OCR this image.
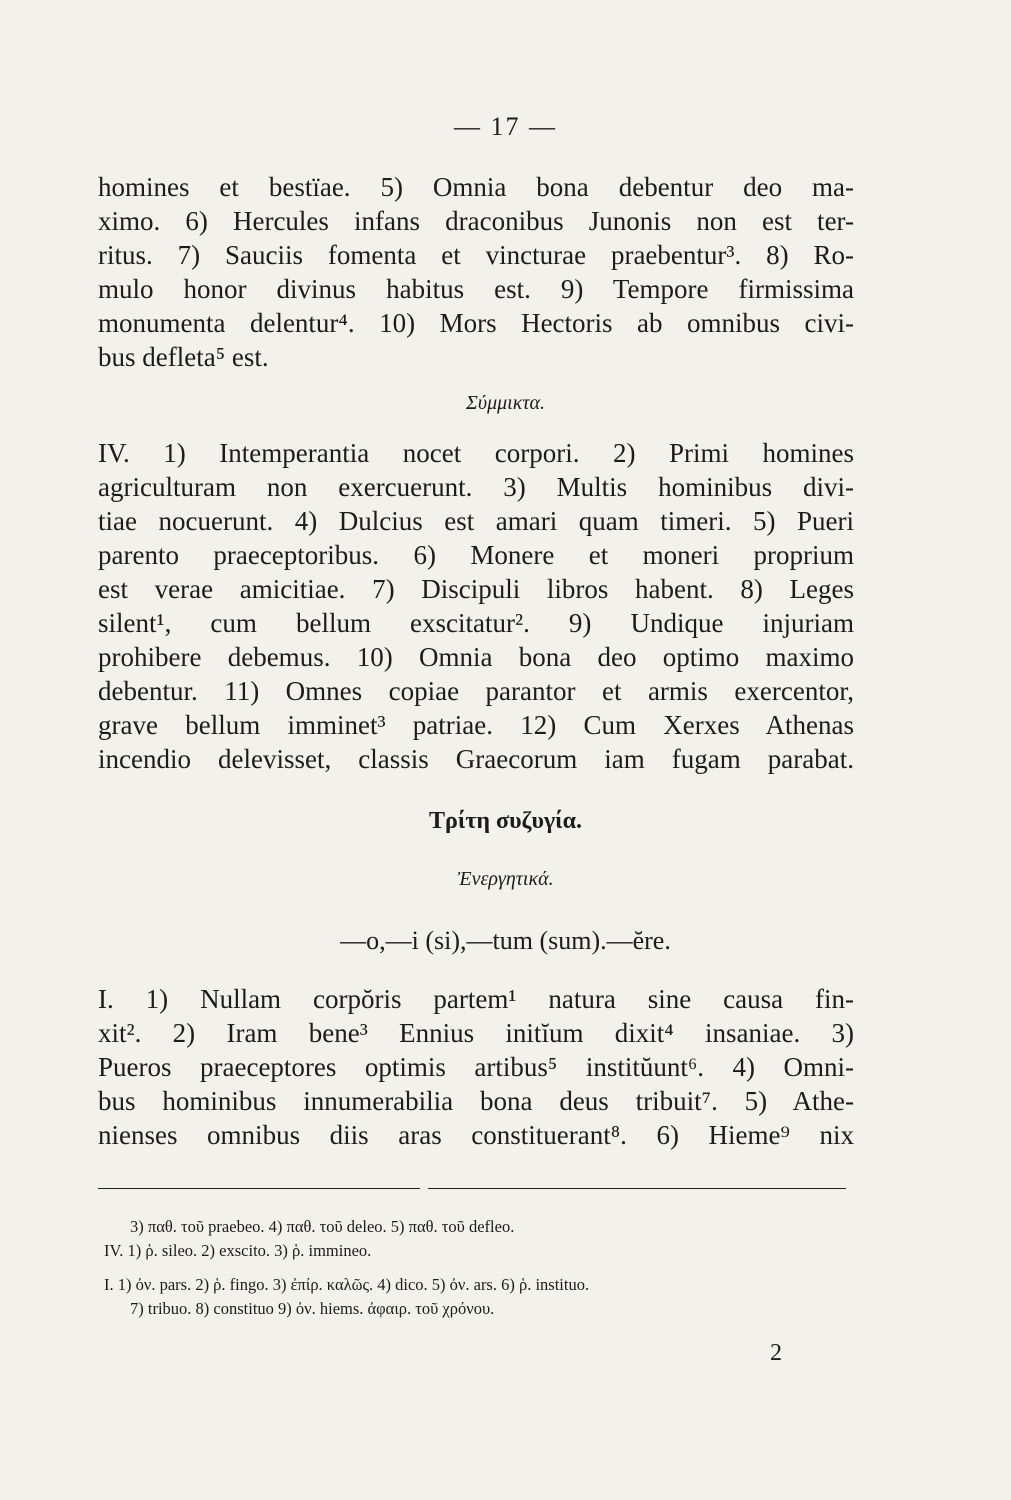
— 17 —
homines et bestïae. 5) Omnia bona debentur deo ma-
ximo. 6) Hercules infans draconibus Junonis non est ter-
ritus. 7) Sauciis fomenta et vincturae praebentur³. 8) Ro-
mulo honor divinus habitus est. 9) Tempore firmissima
monumenta delentur⁴. 10) Mors Hectoris ab omnibus civi-
bus defleta⁵ est.
Σύμμικτα.
IV. 1) Intemperantia nocet corpori. 2) Primi homines
agriculturam non exercuerunt. 3) Multis hominibus divi-
tiae nocuerunt. 4) Dulcius est amari quam timeri. 5) Pueri
parento praeceptoribus. 6) Monere et moneri proprium
est verae amicitiae. 7) Discipuli libros habent. 8) Leges
silent¹, cum bellum exscitatur². 9) Undique injuriam
prohibere debemus. 10) Omnia bona deo optimo maximo
debentur. 11) Omnes copiae parantor et armis exercentor,
grave bellum imminet³ patriae. 12) Cum Xerxes Athenas
incendio delevisset, classis Graecorum iam fugam parabat.
Τρίτη συζυγία.
Ἐνεργητικά.
—o,—i (si),—tum (sum).—ĕre.
I. 1) Nullam corpŏris partem¹ natura sine causa fin-
xit². 2) Iram bene³ Ennius initĭum dixit⁴ insaniae. 3)
Pueros praeceptores optimis artibus⁵ institŭunt⁶. 4) Omni-
bus hominibus innumerabilia bona deus tribuit⁷. 5) Athe-
nienses omnibus diis aras constituerant⁸. 6) Hieme⁹ nix
3) παθ. τοῦ praebeo. 4) παθ. τοῦ deleo. 5) παθ. τοῦ defleo.
IV. 1) ῥ. sileo. 2) exscito. 3) ῥ. immineo.
I. 1) ὀν. pars. 2) ῥ. fingo. 3) ἐπίρ. καλῶς. 4) dico. 5) ὀν. ars. 6) ῥ. instituo.
7) tribuo. 8) constituo 9) ὀν. hiems. ἀφαιρ. τοῦ χρόνου.
2
